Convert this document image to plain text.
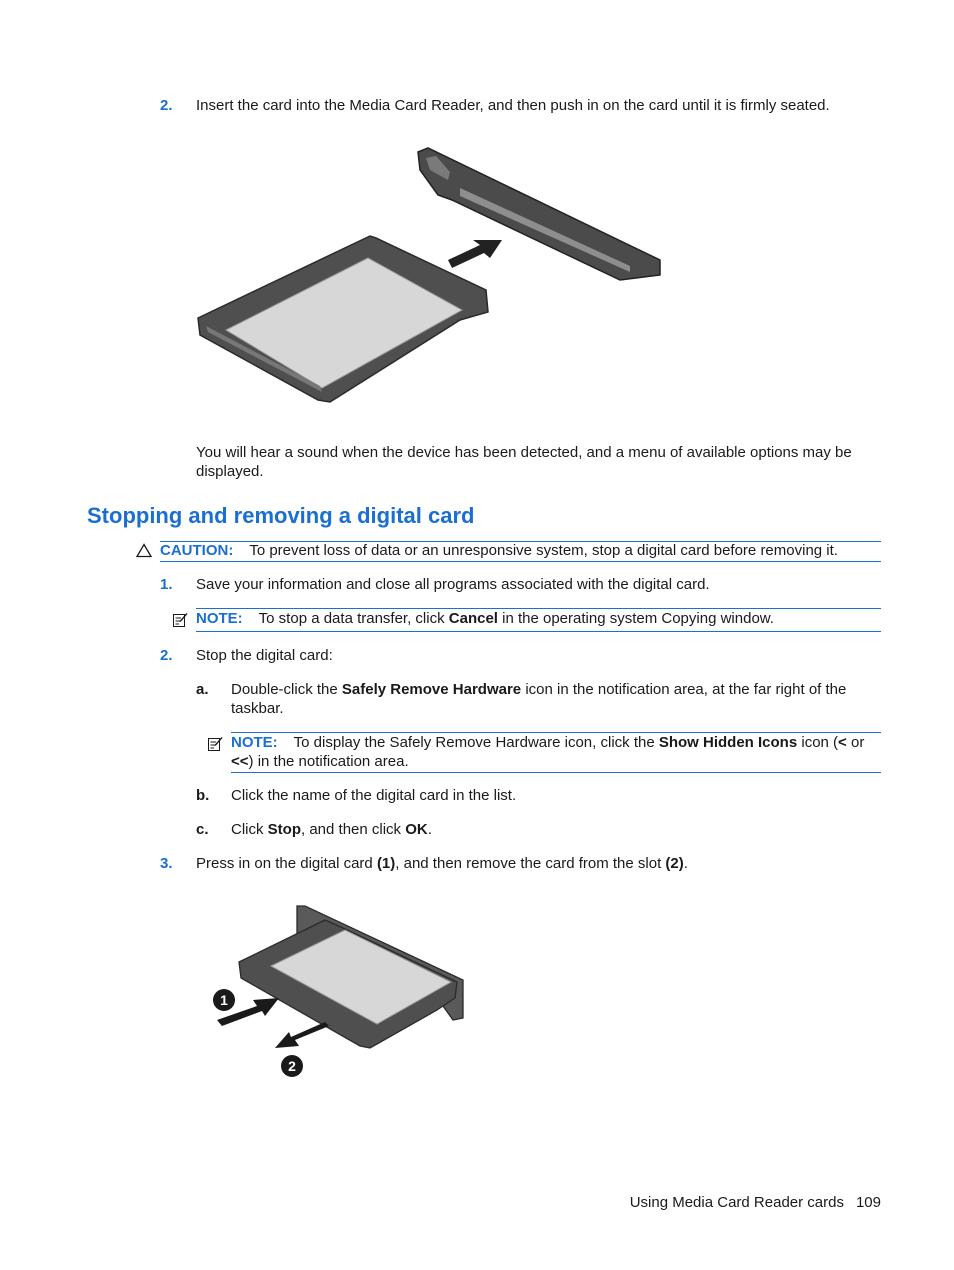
2. Insert the card into the Media Card Reader, and then push in on the card until it is firmly seated.
You will hear a sound when the device has been detected, and a menu of available options may be displayed.
Stopping and removing a digital card
CAUTION: To prevent loss of data or an unresponsive system, stop a digital card before removing it.
1. Save your information and close all programs associated with the digital card.
NOTE: To stop a data transfer, click Cancel in the operating system Copying window.
2. Stop the digital card:
a. Double-click the Safely Remove Hardware icon in the notification area, at the far right of the taskbar.
NOTE: To display the Safely Remove Hardware icon, click the Show Hidden Icons icon (< or <<) in the notification area.
b. Click the name of the digital card in the list.
c. Click Stop, and then click OK.
3. Press in on the digital card (1), and then remove the card from the slot (2).
1
2
Using Media Card Reader cards 109
